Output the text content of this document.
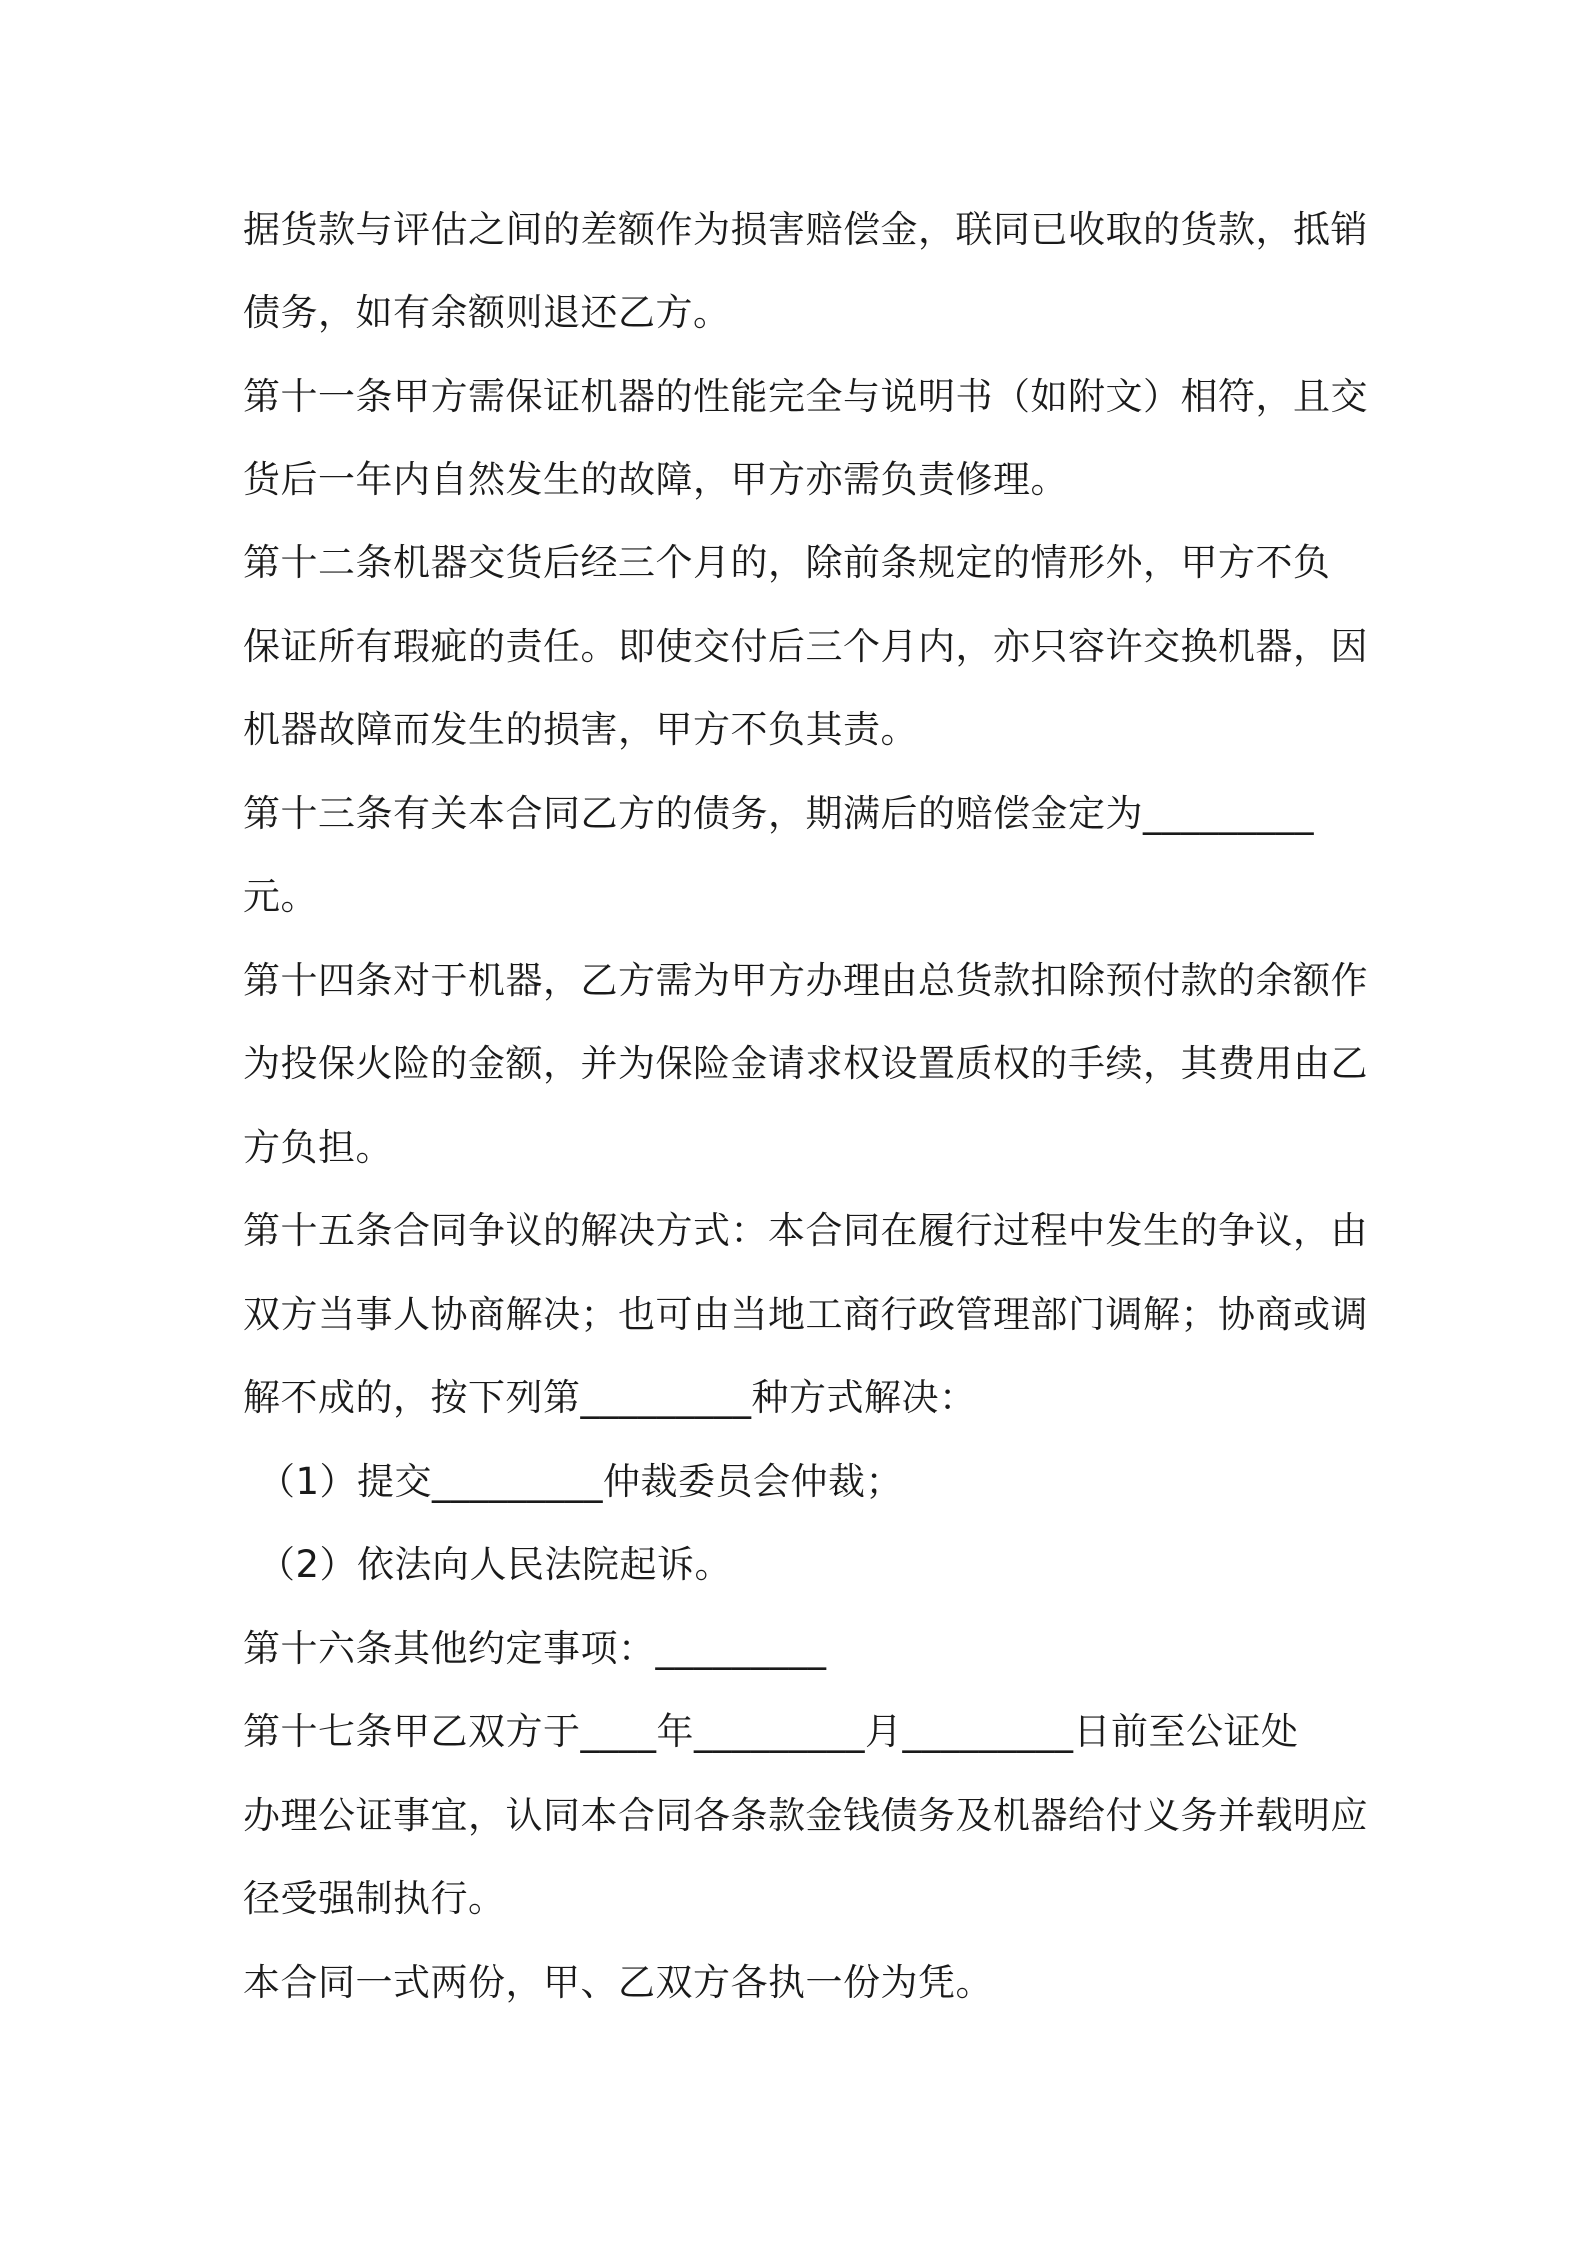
据货款与评估之间的差额作为损害赔偿金，联同已收取的货款，抵销
债务，如有余额则退还乙方。
第十一条甲方需保证机器的性能完全与说明书（如附文）相符，且交
货后一年内自然发生的故障，甲方亦需负责修理。
第十二条机器交货后经三个月的，除前条规定的情形外，甲方不负
保证所有瑕疵的责任。即使交付后三个月内，亦只容许交换机器，因
机器故障而发生的损害，甲方不负其责。
第十三条有关本合同乙方的债务，期满后的赔偿金定为_________
元。
第十四条对于机器，乙方需为甲方办理由总货款扣除预付款的余额作
为投保火险的金额，并为保险金请求权设置质权的手续，其费用由乙
方负担。
第十五条合同争议的解决方式：本合同在履行过程中发生的争议，由
双方当事人协商解决；也可由当地工商行政管理部门调解；协商或调
解不成的，按下列第_________种方式解决：
（1）提交_________仲裁委员会仲裁；
（2）依法向人民法院起诉。
第十六条其他约定事项：_________
第十七条甲乙双方于____年_________月_________日前至公证处
办理公证事宜，认同本合同各条款金钱债务及机器给付义务并载明应
径受强制执行。
本合同一式两份，甲、乙双方各执一份为凭。
